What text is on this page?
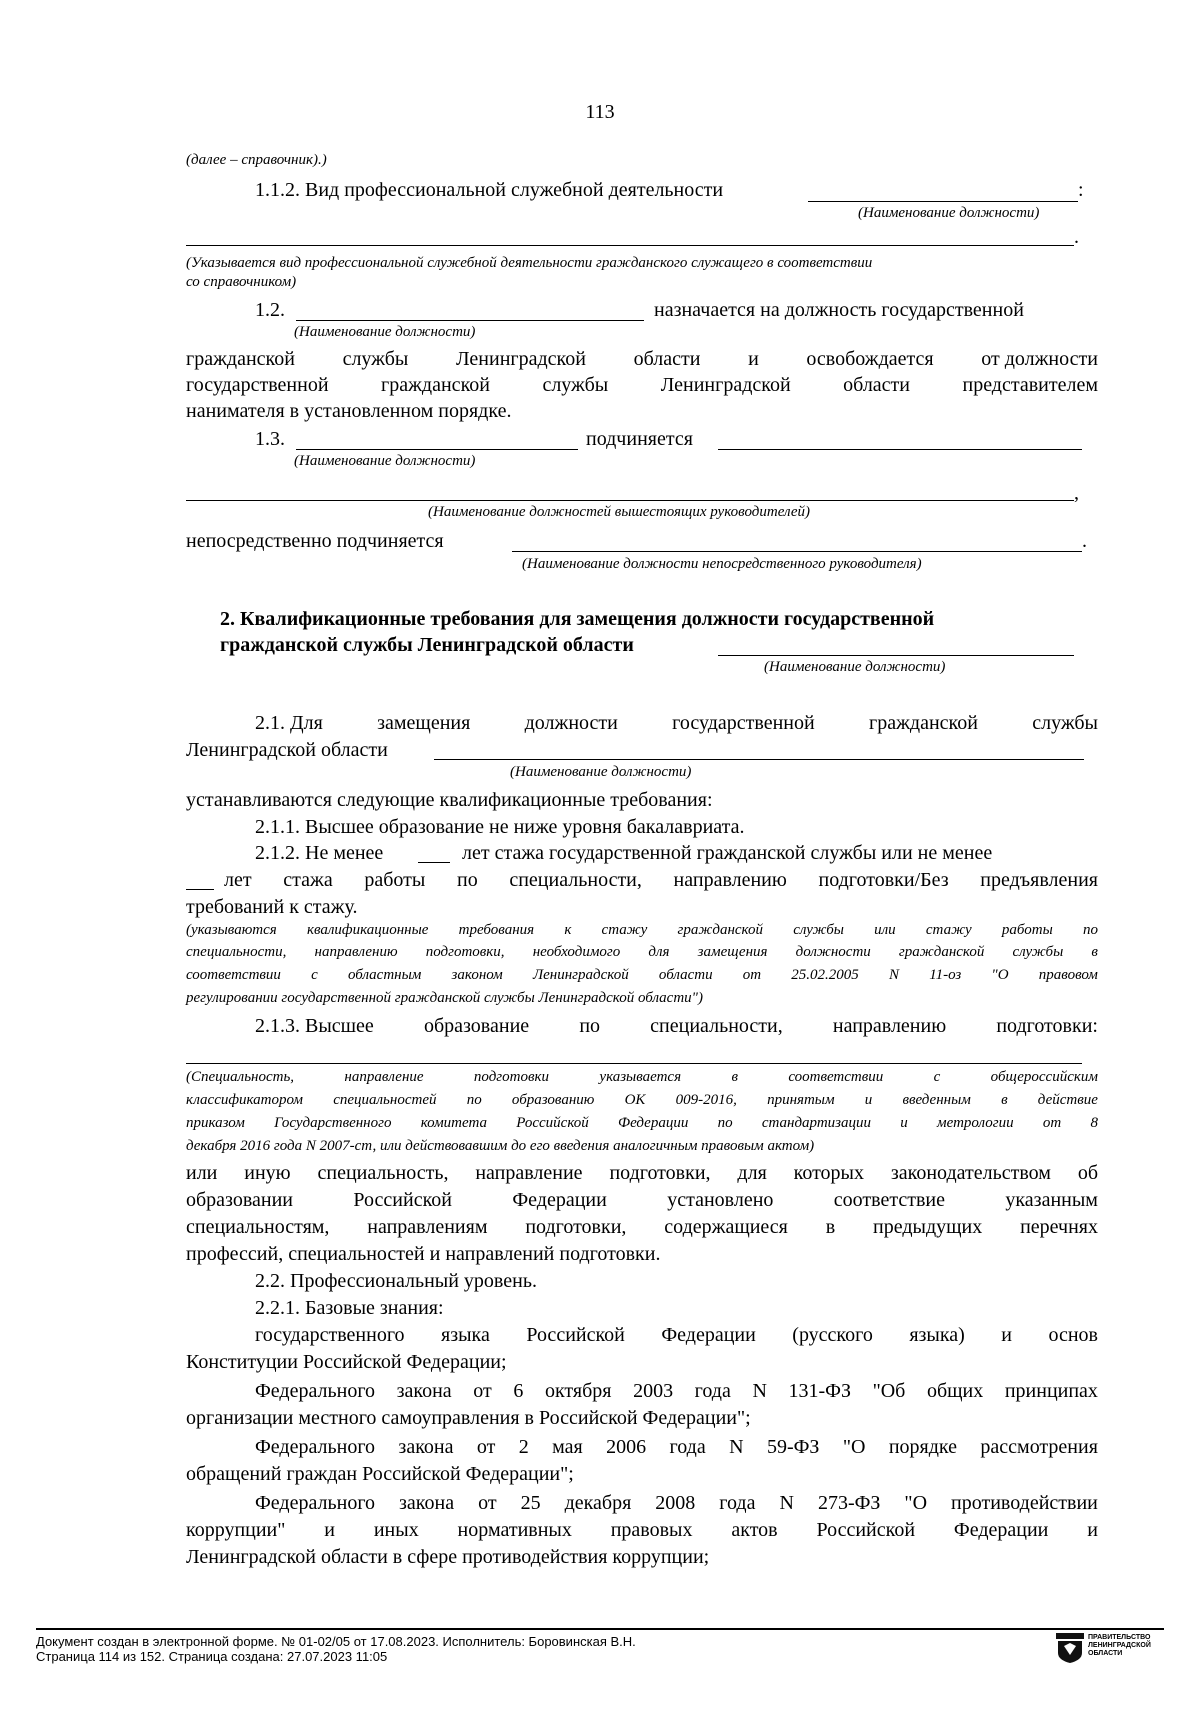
113
(далее – справочник).)
1.1.2. Вид профессиональной служебной деятельности	:
(Наименование должности)
.
(Указывается вид профессиональной служебной деятельности гражданского служащего в соответствии
со справочником)
1.2.	назначается на должность государственной
(Наименование должности)
гражданской службы Ленинградской области и освобождается от должности
государственной	гражданской	службы	Ленинградской	области	представителем
нанимателя в установленном порядке.
1.3.	подчиняется
(Наименование должности)
,
(Наименование должностей вышестоящих руководителей)
непосредственно подчиняется	.
(Наименование должности непосредственного руководителя)
2. Квалификационные требования для замещения должности государственной
гражданской службы Ленинградской области
(Наименование должности)
2.1. Для	замещения	должности	государственной	гражданской	службы
Ленинградской области
(Наименование должности)
устанавливаются следующие квалификационные требования:
2.1.1. Высшее образование не ниже уровня бакалавриата.
2.1.2. Не менее	лет стажа государственной гражданской службы или не менее
лет стажа работы по специальности, направлению подготовки/Без предъявления
требований к стажу.
(указываются квалификационные требования к стажу гражданской службы или стажу работы по
специальности, направлению подготовки, необходимого для замещения должности гражданской службы в
соответствии с областным законом Ленинградской области от 25.02.2005 N 11-оз "О правовом
регулировании государственной гражданской службы Ленинградской области")
2.1.3. Высшее	образование	по	специальности,	направлению	подготовки:
(Специальность,	направление	подготовки	указывается	в	соответствии	с	общероссийским
классификатором специальностей по образованию ОК 009-2016, принятым и введенным в действие
приказом Государственного комитета Российской Федерации по стандартизации и метрологии от 8
декабря 2016 года N 2007-ст, или действовавшим до его введения аналогичным правовым актом)
или иную специальность, направление подготовки, для которых законодательством об
образовании	Российской	Федерации	установлено	соответствие	указанным
специальностям, направлениям подготовки, содержащиеся в предыдущих перечнях
профессий, специальностей и направлений подготовки.
2.2. Профессиональный уровень.
2.2.1. Базовые знания:
государственного языка Российской Федерации (русского языка) и основ
Конституции Российской Федерации;
Федерального закона от 6 октября 2003 года N 131-ФЗ "Об общих принципах
организации местного самоуправления в Российской Федерации";
Федерального закона от 2 мая 2006 года N 59-ФЗ "О порядке рассмотрения
обращений граждан Российской Федерации";
Федерального закона от 25 декабря 2008 года N 273-ФЗ "О противодействии
коррупции" и иных нормативных правовых актов Российской Федерации и
Ленинградской области в сфере противодействия коррупции;
Документ создан в электронной форме. № 01-02/05 от 17.08.2023. Исполнитель: Боровинская В.Н.
Страница 114 из 152. Страница создана: 27.07.2023 11:05
ПРАВИТЕЛЬСТВО
ЛЕНИНГРАДСКОЙ
ОБЛАСТИ
